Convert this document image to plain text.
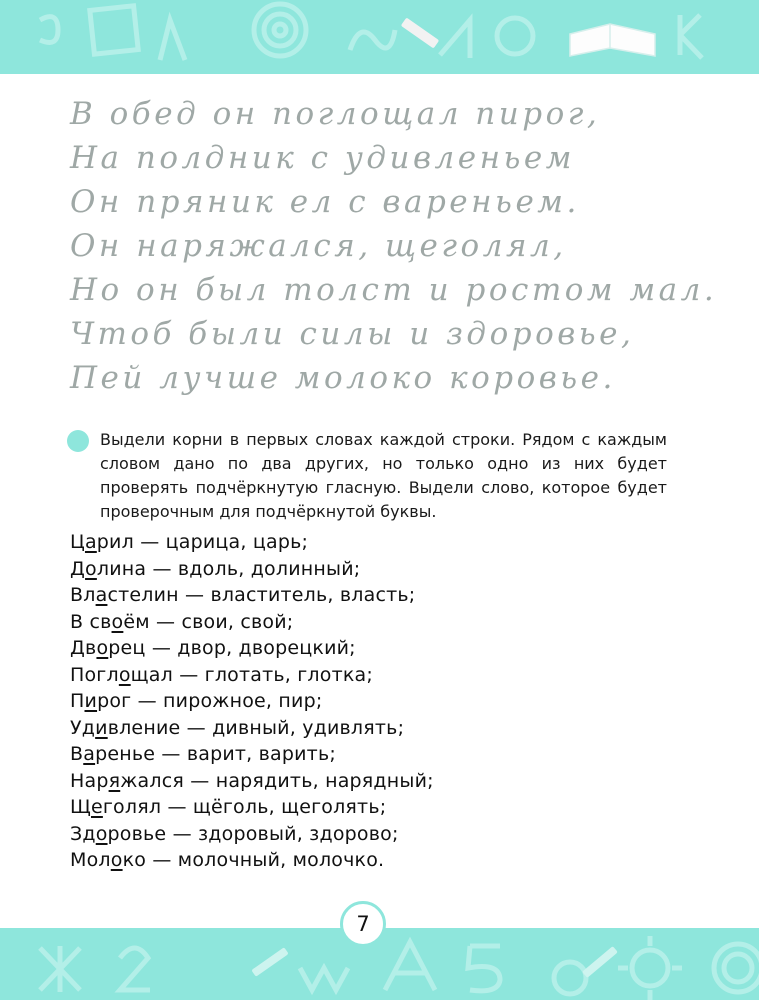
В обед он поглощал пирог,
На полдник с удивленьем
Он пряник ел с вареньем.
Он наряжался, щеголял,
Но он был толст и ростом мал.
Чтоб были силы и здоровье,
Пей лучше молоко коровье.
Выдели корни в первых словах каждой строки. Рядом с каждым словом дано по два других, но только одно из них будет проверять подчёркнутую гласную. Выдели слово, которое будет проверочным для подчёркнутой буквы.
Царил — царица, царь;
Долина — вдоль, долинный;
Властелин — властитель, власть;
В своём — свои, свой;
Дворец — двор, дворецкий;
Поглощал — глотать, глотка;
Пирог — пирожное, пир;
Удивление — дивный, удивлять;
Варенье — варит, варить;
Наряжался — нарядить, нарядный;
Щеголял — щёголь, щеголять;
Здоровье — здоровый, здорово;
Молоко — молочный, молочко.
7
